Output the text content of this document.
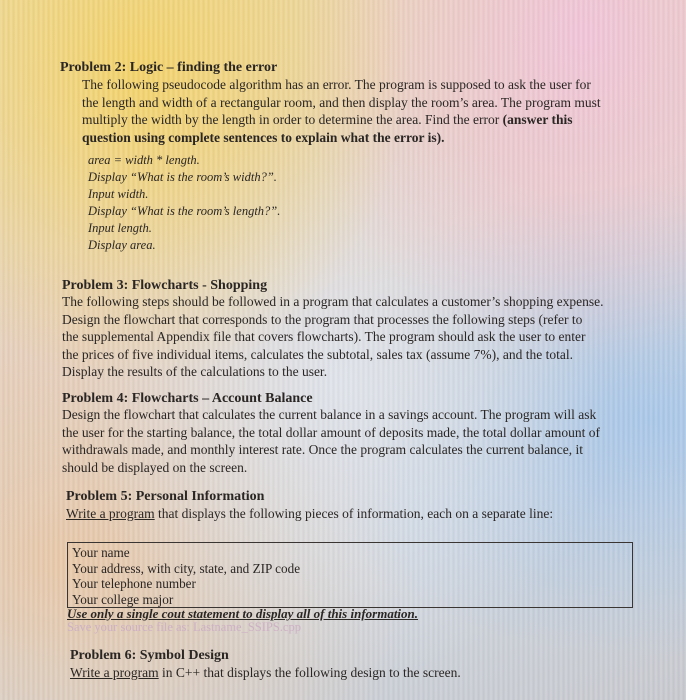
Problem 2: Logic – finding the error
The following pseudocode algorithm has an error. The program is supposed to ask the user for
the length and width of a rectangular room, and then display the room’s area. The program must
multiply the width by the length in order to determine the area. Find the error (answer this
question using complete sentences to explain what the error is).
area = width * length.
Display “What is the room’s width?”.
Input width.
Display “What is the room’s length?”.
Input length.
Display area.
Problem 3: Flowcharts - Shopping
The following steps should be followed in a program that calculates a customer’s shopping expense.
Design the flowchart that corresponds to the program that processes the following steps (refer to
the supplemental Appendix file that covers flowcharts). The program should ask the user to enter
the prices of five individual items, calculates the subtotal, sales tax (assume 7%), and the total.
Display the results of the calculations to the user.
Problem 4: Flowcharts – Account Balance
Design the flowchart that calculates the current balance in a savings account. The program will ask
the user for the starting balance, the total dollar amount of deposits made, the total dollar amount of
withdrawals made, and monthly interest rate. Once the program calculates the current balance, it
should be displayed on the screen.
Problem 5: Personal Information
Write a program that displays the following pieces of information, each on a separate line:
Your name
Your address, with city, state, and ZIP code
Your telephone number
Your college major
Use only a single cout statement to display all of this information.
Save your source file as: Lastname_SSIPS.cpp
Problem 6: Symbol Design
Write a program in C++ that displays the following design to the screen.
